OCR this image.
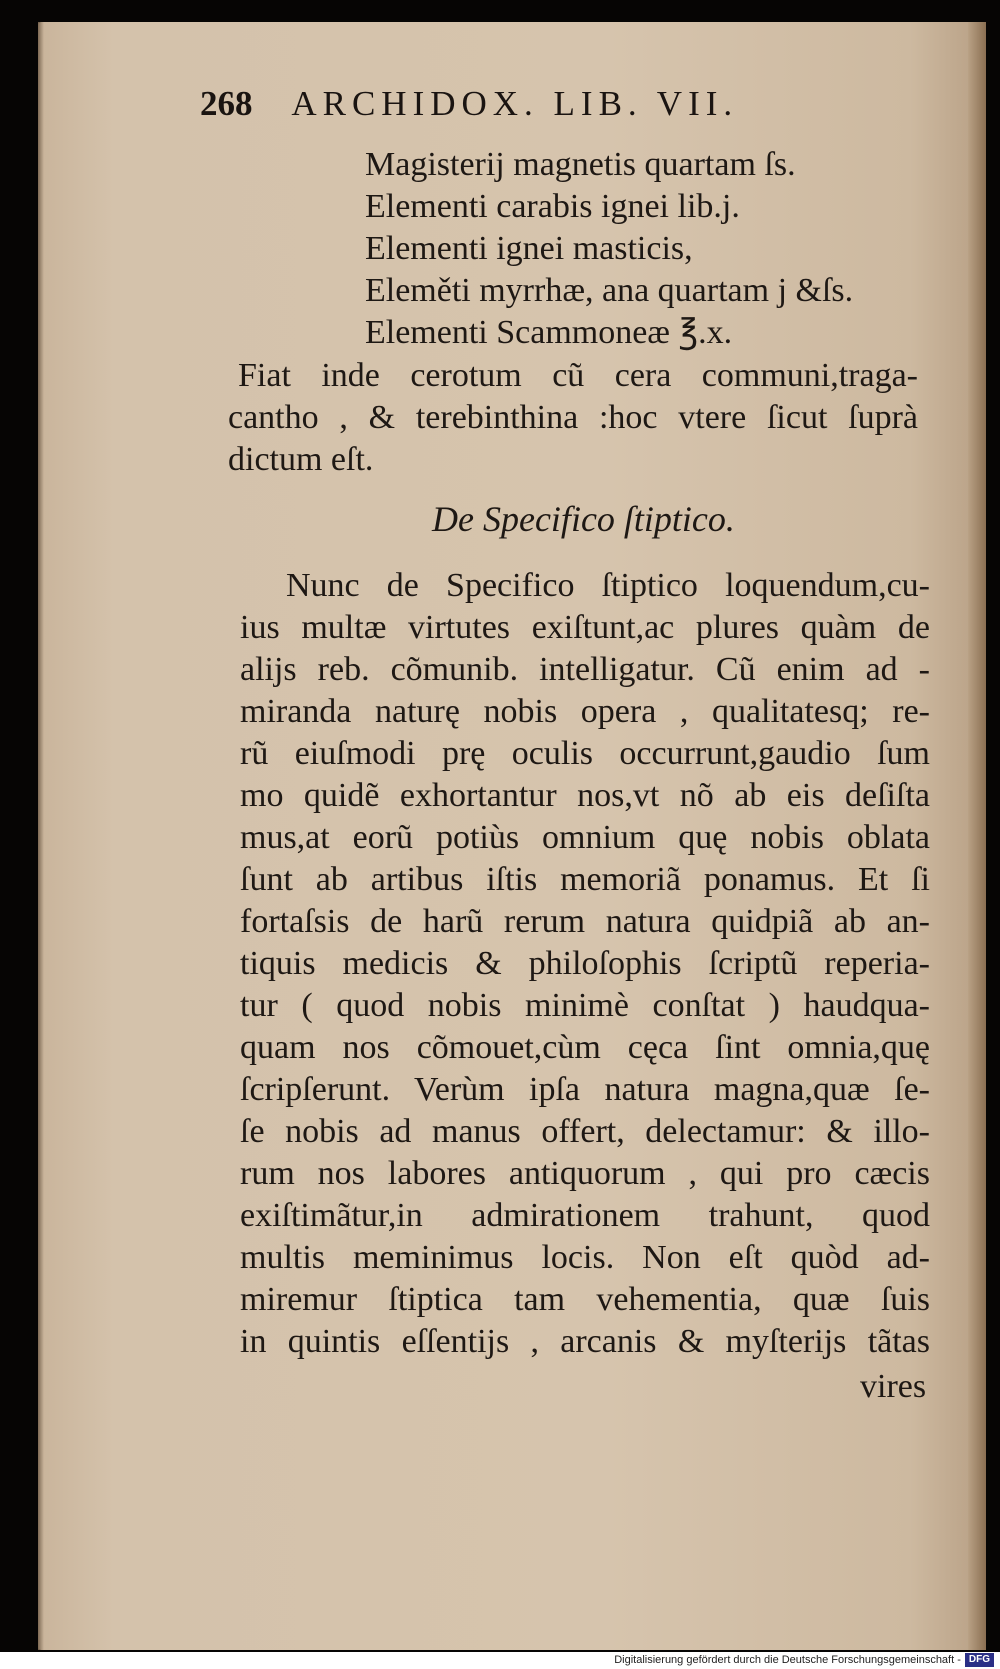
268 ARCHIDOX. LIB. VII.
Magisterij magnetis quartam ſs.
Elementi carabis ignei lib.j.
Elementi ignei masticis,
Eleměti myrrhæ, ana quartam j &ſs.
Elementi Scammoneæ ℥.x.
Fiat inde cerotum cũ cera communi,traga-
cantho , & terebinthina :hoc vtere ſicut ſuprà
dictum eſt.
De Specifico ſtiptico.
Nunc de Specifico ſtiptico loquendum,cu-
ius multæ virtutes exiſtunt,ac plures quàm de
alijs reb. cõmunib. intelligatur. Cũ enim ad -
miranda naturę nobis opera , qualitatesq; re-
rũ eiuſmodi prę oculis occurrunt,gaudio ſum
mo quidẽ exhortantur nos,vt nõ ab eis deſiſta
mus,at eorũ potiùs omnium quę nobis oblata
ſunt ab artibus iſtis memoriã ponamus. Et ſi
fortaſsis de harũ rerum natura quidpiã ab an-
tiquis medicis & philoſophis ſcriptũ reperia-
tur ( quod nobis minimè conſtat ) haudqua-
quam nos cõmouet,cùm cęca ſint omnia,quę
ſcripſerunt. Verùm ipſa natura magna,quæ ſe-
ſe nobis ad manus offert, delectamur: & illo-
rum nos labores antiquorum , qui pro cæcis
exiſtimãtur,in admirationem trahunt, quod
multis meminimus locis. Non eſt quòd ad-
miremur ſtiptica tam vehementia, quæ ſuis
in quintis eſſentijs , arcanis & myſterijs tãtas
vires
Digitalisierung gefördert durch die Deutsche Forschungsgemeinschaft - DFG
